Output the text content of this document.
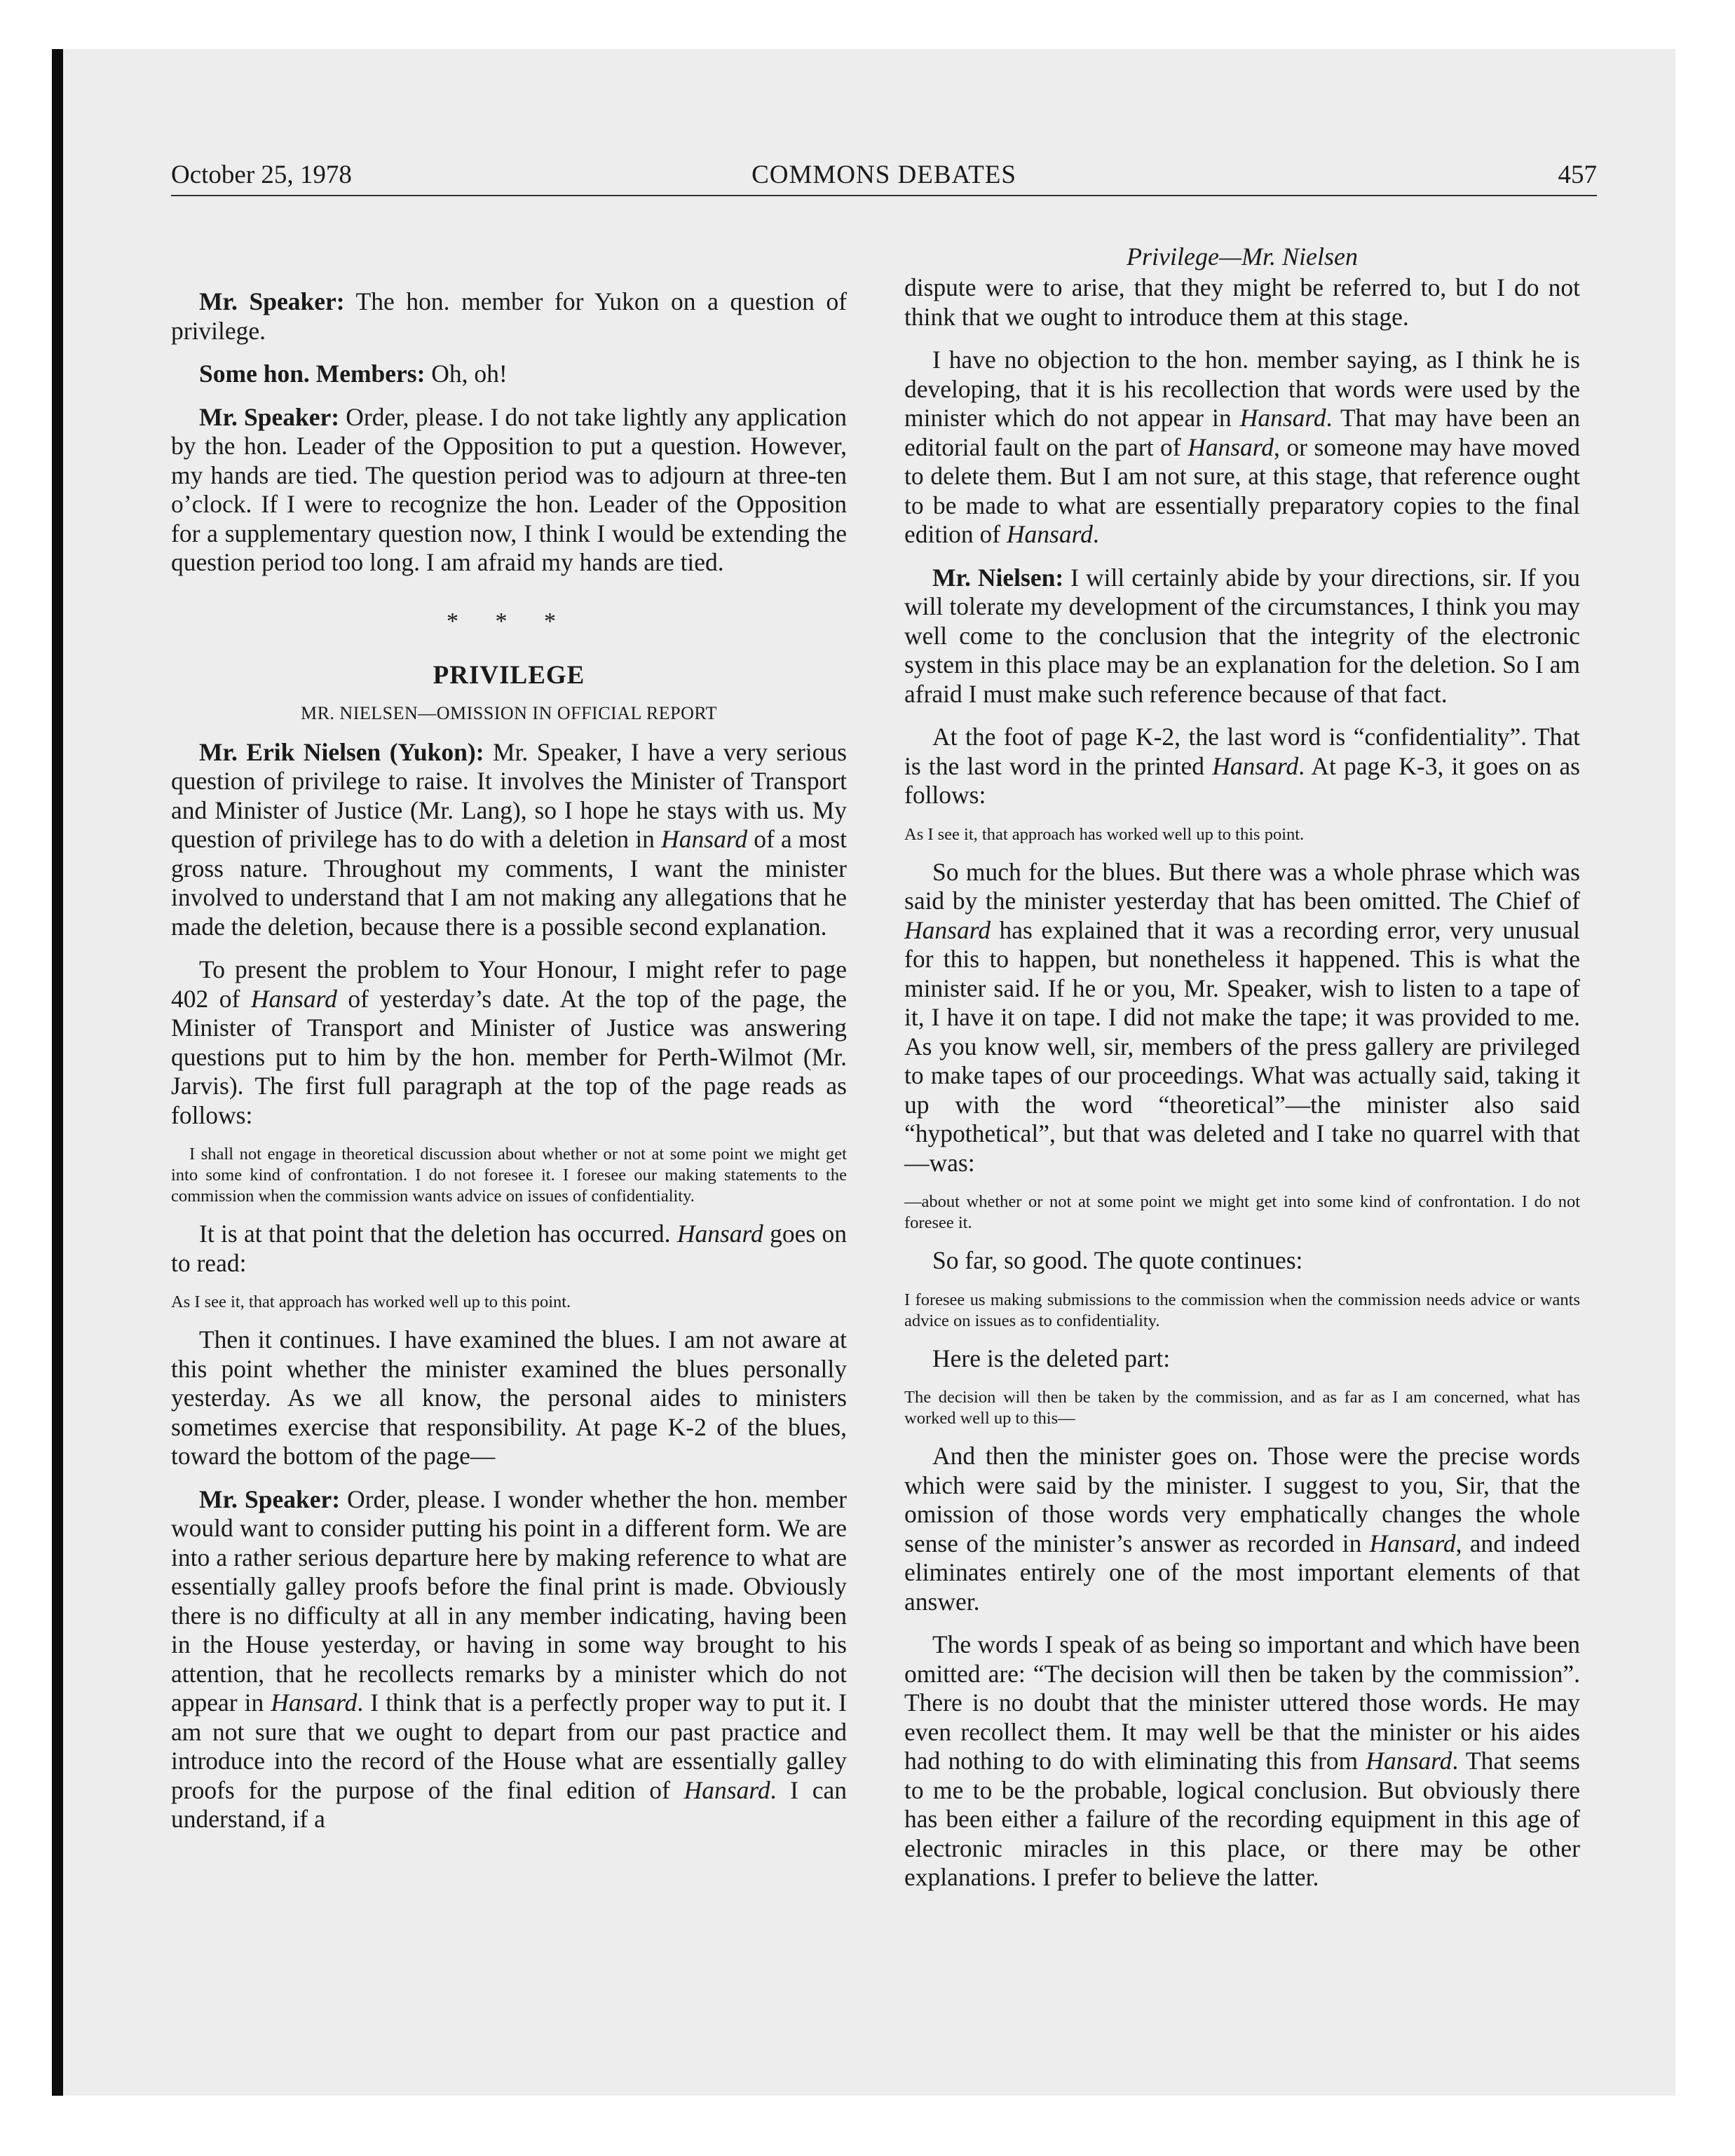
October 25, 1978	COMMONS DEBATES	457

Mr. Speaker: The hon. member for Yukon on a question of privilege.

Some hon. Members: Oh, oh!

Mr. Speaker: Order, please. I do not take lightly any application by the hon. Leader of the Opposition to put a question. However, my hands are tied. The question period was to adjourn at three-ten o’clock. If I were to recognize the hon. Leader of the Opposition for a supplementary question now, I think I would be extending the question period too long. I am afraid my hands are tied.

* * *
PRIVILEGE
MR. NIELSEN—OMISSION IN OFFICIAL REPORT

Mr. Erik Nielsen (Yukon): Mr. Speaker, I have a very serious question of privilege to raise. It involves the Minister of Transport and Minister of Justice (Mr. Lang), so I hope he stays with us. My question of privilege has to do with a deletion in Hansard of a most gross nature. Throughout my comments, I want the minister involved to understand that I am not making any allegations that he made the deletion, because there is a possible second explanation.

To present the problem to Your Honour, I might refer to page 402 of Hansard of yesterday’s date. At the top of the page, the Minister of Transport and Minister of Justice was answering questions put to him by the hon. member for Perth-Wilmot (Mr. Jarvis). The first full paragraph at the top of the page reads as follows:

I shall not engage in theoretical discussion about whether or not at some point we might get into some kind of confrontation. I do not foresee it. I foresee our making statements to the commission when the commission wants advice on issues of confidentiality.

It is at that point that the deletion has occurred. Hansard goes on to read:

As I see it, that approach has worked well up to this point.

Then it continues. I have examined the blues. I am not aware at this point whether the minister examined the blues personally yesterday. As we all know, the personal aides to ministers sometimes exercise that responsibility. At page K-2 of the blues, toward the bottom of the page—

Mr. Speaker: Order, please. I wonder whether the hon. member would want to consider putting his point in a different form. We are into a rather serious departure here by making reference to what are essentially galley proofs before the final print is made. Obviously there is no difficulty at all in any member indicating, having been in the House yesterday, or having in some way brought to his attention, that he recollects remarks by a minister which do not appear in Hansard. I think that is a perfectly proper way to put it. I am not sure that we ought to depart from our past practice and introduce into the record of the House what are essentially galley proofs for the purpose of the final edition of Hansard. I can understand, if a

Privilege—Mr. Nielsen

dispute were to arise, that they might be referred to, but I do not think that we ought to introduce them at this stage.

I have no objection to the hon. member saying, as I think he is developing, that it is his recollection that words were used by the minister which do not appear in Hansard. That may have been an editorial fault on the part of Hansard, or someone may have moved to delete them. But I am not sure, at this stage, that reference ought to be made to what are essentially preparatory copies to the final edition of Hansard.

Mr. Nielsen: I will certainly abide by your directions, sir. If you will tolerate my development of the circumstances, I think you may well come to the conclusion that the integrity of the electronic system in this place may be an explanation for the deletion. So I am afraid I must make such reference because of that fact.

At the foot of page K-2, the last word is “confidentiality”. That is the last word in the printed Hansard. At page K-3, it goes on as follows:

As I see it, that approach has worked well up to this point.

So much for the blues. But there was a whole phrase which was said by the minister yesterday that has been omitted. The Chief of Hansard has explained that it was a recording error, very unusual for this to happen, but nonetheless it happened. This is what the minister said. If he or you, Mr. Speaker, wish to listen to a tape of it, I have it on tape. I did not make the tape; it was provided to me. As you know well, sir, members of the press gallery are privileged to make tapes of our proceedings. What was actually said, taking it up with the word “theoretical”—the minister also said “hypothetical”, but that was deleted and I take no quarrel with that—was:

—about whether or not at some point we might get into some kind of confrontation. I do not foresee it.

So far, so good. The quote continues:

I foresee us making submissions to the commission when the commission needs advice or wants advice on issues as to confidentiality.

Here is the deleted part:

The decision will then be taken by the commission, and as far as I am concerned, what has worked well up to this—

And then the minister goes on. Those were the precise words which were said by the minister. I suggest to you, Sir, that the omission of those words very emphatically changes the whole sense of the minister’s answer as recorded in Hansard, and indeed eliminates entirely one of the most important elements of that answer.

The words I speak of as being so important and which have been omitted are: “The decision will then be taken by the commission”. There is no doubt that the minister uttered those words. He may even recollect them. It may well be that the minister or his aides had nothing to do with eliminating this from Hansard. That seems to me to be the probable, logical conclusion. But obviously there has been either a failure of the recording equipment in this age of electronic miracles in this place, or there may be other explanations. I prefer to believe the latter.
